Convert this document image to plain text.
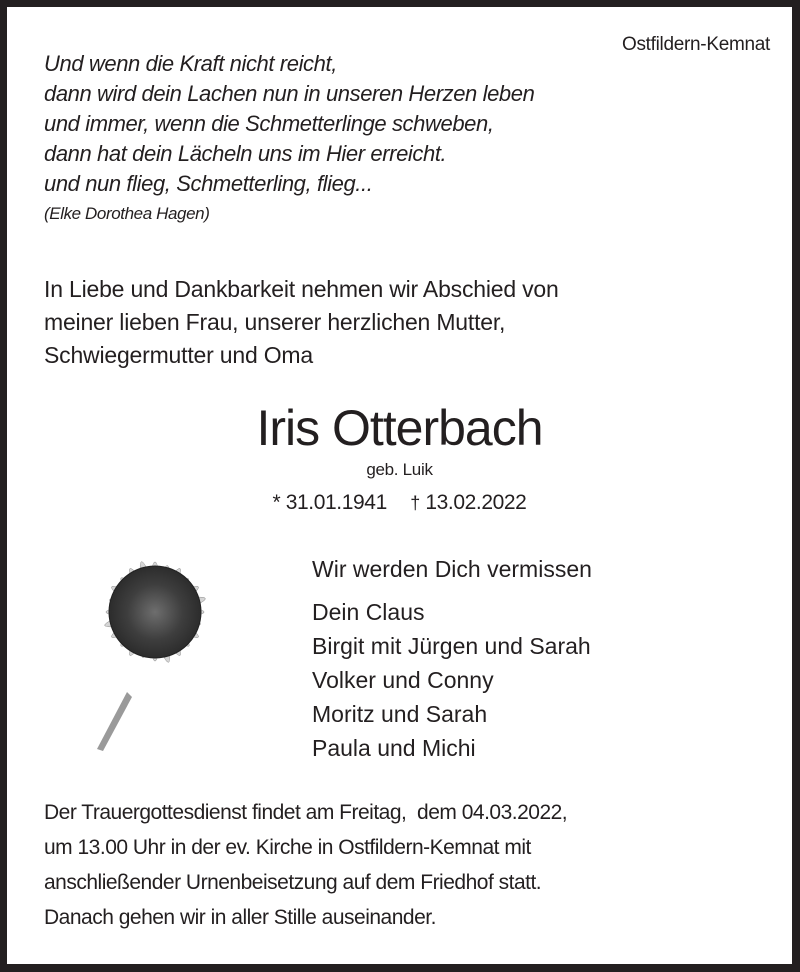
Ostfildern-Kemnat
Und wenn die Kraft nicht reicht,
dann wird dein Lachen nun in unseren Herzen leben
und immer, wenn die Schmetterlinge schweben,
dann hat dein Lächeln uns im Hier erreicht.
und nun flieg, Schmetterling, flieg...
(Elke Dorothea Hagen)
In Liebe und Dankbarkeit nehmen wir Abschied von
meiner lieben Frau, unserer herzlichen Mutter,
Schwiegermutter und Oma
Iris Otterbach
geb. Luik
* 31.01.1941 † 13.02.2022
Wir werden Dich vermissen
Dein Claus
Birgit mit Jürgen und Sarah
Volker und Conny
Moritz und Sarah
Paula und Michi
Der Trauergottesdienst findet am Freitag,  dem 04.03.2022,
um 13.00 Uhr in der ev. Kirche in Ostfildern-Kemnat mit
anschließender Urnenbeisetzung auf dem Friedhof statt.
Danach gehen wir in aller Stille auseinander.
